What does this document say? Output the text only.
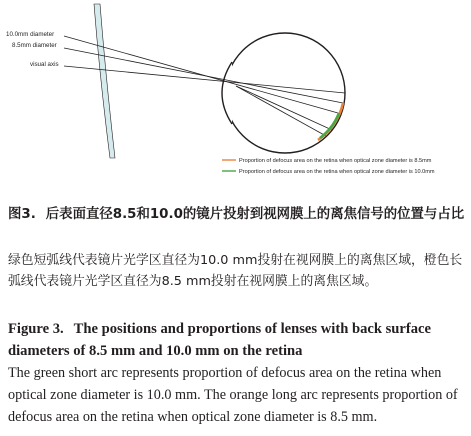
10.0mm diameter
8.5mm diameter
visual axis
Proportion of defocus area on the retina when optical zone diameter is 8.5mm
Proportion of defocus area on the retina when optical zone diameter is 10.0mm

图3. 后表面直径8.5和10.0的镜片投射到视网膜上的离焦信号的位置与占比

绿色短弧线代表镜片光学区直径为10.0 mm投射在视网膜上的离焦区域，橙色长弧线代表镜片光学区直径为8.5 mm投射在视网膜上的离焦区域。

Figure 3. The positions and proportions of lenses with back surface diameters of 8.5 mm and 10.0 mm on the retina

The green short arc represents proportion of defocus area on the retina when optical zone diameter is 10.0 mm. The orange long arc represents proportion of defocus area on the retina when optical zone diameter is 8.5 mm.
